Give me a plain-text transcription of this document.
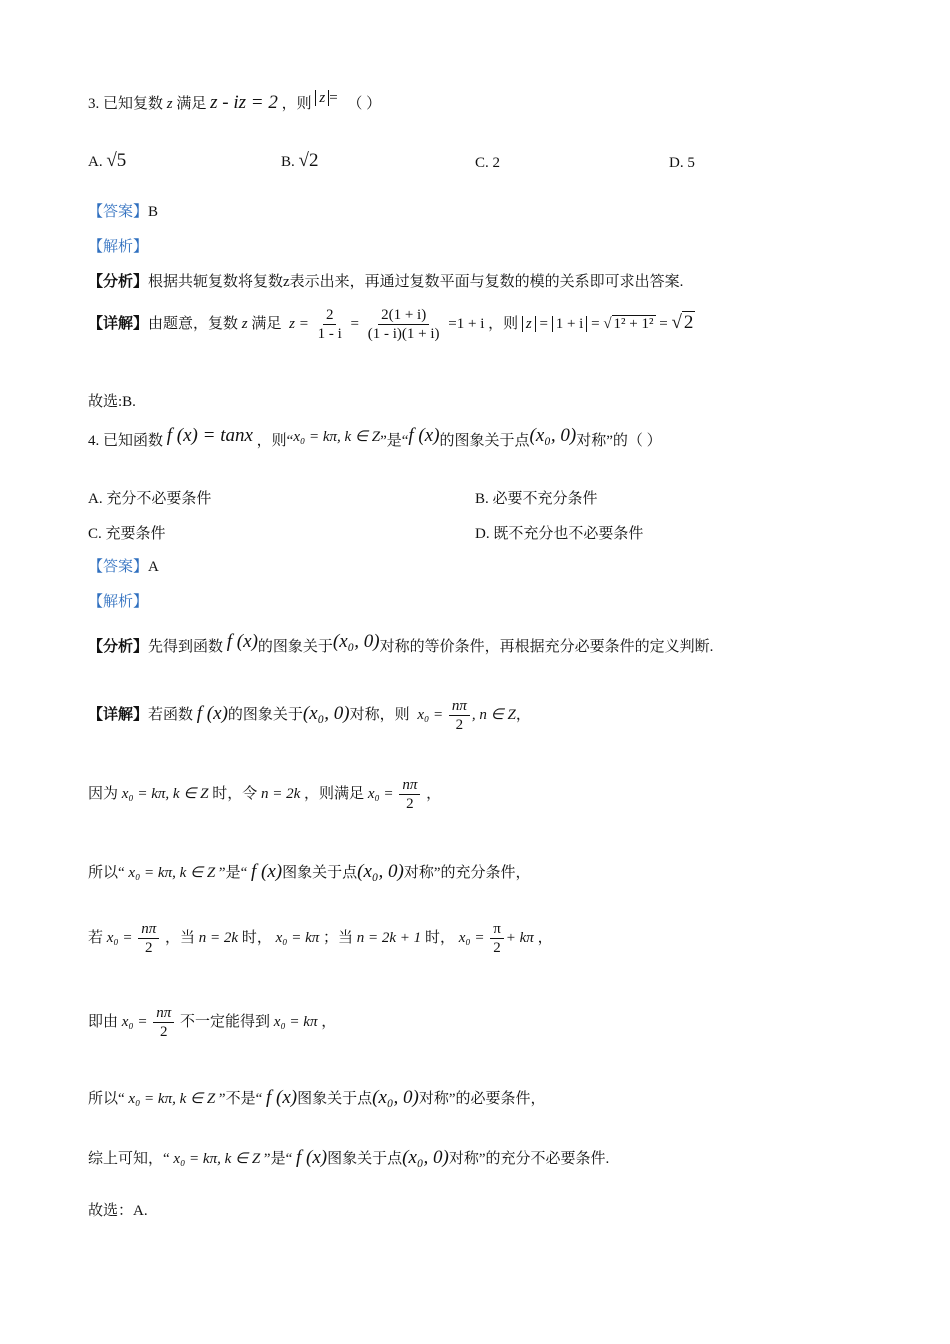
3. 已知复数 z 满足 z - iz = 2 ，则 z = （ ）
A. √5	B. √2	C. 2	D. 5
【答案】B
【解析】
【分析】根据共轭复数将复数z表示出来，再通过复数平面与复数的模的关系即可求出答案.
【详解】由题意，复数 z 满足 $z = \frac{2}{1 - i} = \frac{2(1 + i)}{(1 - i)(1 + i)} =1 + i$ ，则 z = 1 + i = √ 1² + 1² = √ 2
故选:B.
4. 已知函数 f (x) = tanx ，则“x₀ = kπ, k ∈ Z”是“f (x)的图象关于点(x₀, 0)对称”的（ ）
A. 充分不必要条件	B. 必要不充分条件
C. 充要条件	D. 既不充分也不必要条件
【答案】A
【解析】
【分析】先得到函数 f (x)的图象关于(x₀, 0)对称的等价条件，再根据充分必要条件的定义判断.
【详解】若函数 f (x)的图象关于(x₀, 0)对称，则 $x_0 = \frac{n\pi}{2}$ , n ∈ Z，
因为 x₀ = kπ, k ∈ Z 时，令 n = 2k ，则满足 $x_0 = \frac{n\pi}{2}$ ，
所以“ x₀ = kπ, k ∈ Z ”是“ f (x)图象关于点(x₀, 0)对称”的充分条件，
若 $x_0 = \frac{n\pi}{2}$ ，当 n = 2k 时， x₀ = kπ ；当 n = 2k + 1 时， $x_0 = \frac{\pi}{2} + k\pi$ ，
即由 $x_0 = \frac{n\pi}{2}$ 不一定能得到 x₀ = kπ ，
所以“ x₀ = kπ, k ∈ Z ”不是“ f (x)图象关于点(x₀, 0)对称”的必要条件，
综上可知，“ x₀ = kπ, k ∈ Z ”是“ f (x)图象关于点(x₀, 0)对称”的充分不必要条件.
故选：A.
